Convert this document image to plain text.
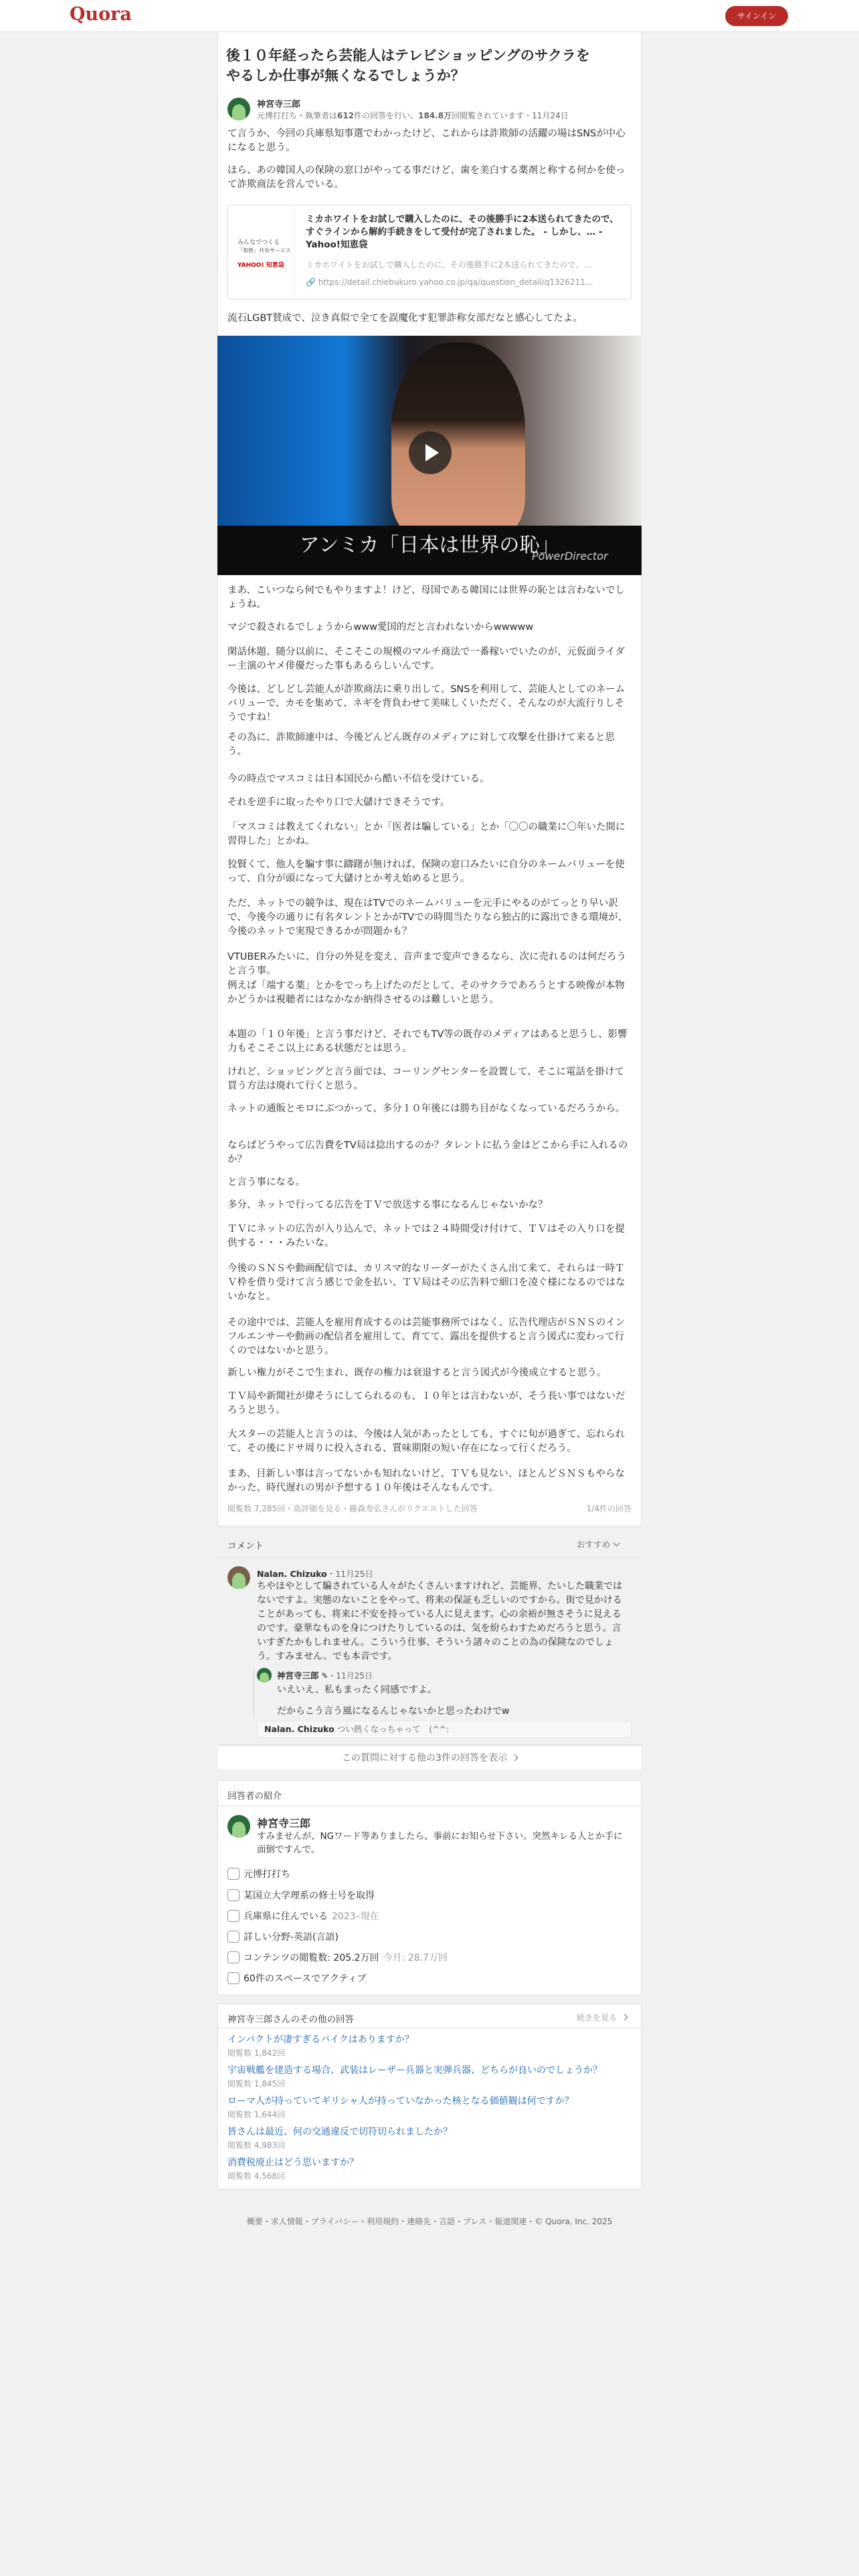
Quora	サインイン
後１０年経ったら芸能人はテレビショッピングのサクラをやるしか仕事が無くなるでしょうか？
神宮寺三郎
元博打打ち・執筆者は612件の回答を行い、184.8万回閲覧されています・11月24日
て言うか、今回の兵庫県知事選でわかったけど、これからは詐欺師の活躍の場はSNSが中心になると思う。
ほら、あの韓国人の保険の窓口がやってる事だけど、歯を美白する薬剤と称する何かを使って詐欺商法を営んでいる。
みんなでつくる
「知恵」共有サービス
YAHOO! 知恵袋
ミカホワイトをお試しで購入したのに、その後勝手に2本送られてきたので、すぐラインから解約手続きをして受付が完了されました。 - しかし、… - Yahoo!知恵袋
ミカホワイトをお試しで購入したのに、その後勝手に2本送られてきたので、…
🔗 https://detail.chiebukuro.yahoo.co.jp/qa/question_detail/q1326211...
流石LGBT賛成で、泣き真似で全てを誤魔化す犯罪詐称女部だなと感心してたよ。
アンミカ「日本は世界の恥」
PowerDirector
まあ、こいつなら何でもやりますよ！けど、母国である韓国には世界の恥とは言わないでしょうね。
マジで殺されるでしょうからwww愛国的だと言われないからwwwww
閑話休題、随分以前に、そこそこの規模のマルチ商法で一番稼いでいたのが、元仮面ライダー主演のヤメ俳優だった事もあるらしいんです。
今後は、どしどし芸能人が詐欺商法に乗り出して、SNSを利用して、芸能人としてのネームバリューで、カモを集めて、ネギを背負わせて美味しくいただく、そんなのが大流行りしそうですね！
その為に、詐欺師連中は、今後どんどん既存のメディアに対して攻撃を仕掛けて来ると思う。
今の時点でマスコミは日本国民から酷い不信を受けている。
それを逆手に取ったやり口で大儲けできそうです。
「マスコミは教えてくれない」とか「医者は騙している」とか「〇〇の職業に〇年いた間に習得した」とかね。
狡賢くて、他人を騙す事に躊躇が無ければ、保険の窓口みたいに自分のネームバリューを使って、自分が頭になって大儲けとか考え始めると思う。
ただ、ネットでの競争は、現在はTVでのネームバリューを元手にやるのがてっとり早い訳で、今後今の通りに有名タレントとかがTVでの時間当たりなら独占的に露出できる環境が、今後のネットで実現できるかが問題かも？
VTUBERみたいに、自分の外見を変え、音声まで変声できるなら、次に売れるのは何だろうと言う事。
例えば「端する薬」とかをでっち上げたのだとして、そのサクラであろうとする映像が本物かどうかは視聴者にはなかなか納得させるのは難しいと思う。
本題の「１０年後」と言う事だけど、それでもTV等の既存のメディアはあると思うし、影響力もそこそこ以上にある状態だとは思う。
けれど、ショッピングと言う面では、コーリングセンターを設置して、そこに電話を掛けて買う方法は廃れて行くと思う。
ネットの通販とモロにぶつかって、多分１０年後には勝ち目がなくなっているだろうから。
ならばどうやって広告費をTV局は捻出するのか？タレントに払う金はどこから手に入れるのか？
と言う事になる。
多分、ネットで行ってる広告をＴＶで放送する事になるんじゃないかな？
ＴＶにネットの広告が入り込んで、ネットでは２４時間受け付けて、ＴＶはその入り口を提供する・・・みたいな。
今後のＳＮＳや動画配信では、カリスマ的なリーダーがたくさん出て来て、それらは一時ＴＶ枠を借り受けて言う感じで金を払い、ＴＶ局はその広告料で細口を凌ぐ様になるのではないかなと。
その途中では、芸能人を雇用育成するのは芸能事務所ではなく、広告代理店がＳＮＳのインフルエンサーや動画の配信者を雇用して、育てて、露出を提供すると言う図式に変わって行くのではないかと思う。
新しい権力がそこで生まれ、既存の権力は衰退すると言う図式が今後成立すると思う。
ＴＶ局や新聞社が偉そうにしてられるのも、１０年とは言わないが、そう長い事ではないだろうと思う。
大スターの芸能人と言うのは、今後は人気があったとしても、すぐに旬が過ぎて、忘れられて、その後にドサ周りに投入される、質味期限の短い存在になって行くだろう。
まあ、目新しい事は言ってないかも知れないけど、ＴＶも見ない、ほとんどＳＮＳもやらなかった、時代遅れの男が予想する１０年後はそんなもんです。
閲覧数 7,285回・高評価を見る・藤森寿弘さんがリクエストした回答	1/4件の回答
コメント	おすすめ
Nalan. Chizuko・11月25日
ちやほやとして騙されている人々がたくさんいますけれど、芸能界、たいした職業ではないですよ。実態のないことをやって、将来の保証も乏しいのですから。街で見かけることがあっても、将来に不安を持っている人に見えます。心の余裕が無さそうに見えるのです。豪華なものを身につけたりしているのは、気を紛らわすためだろうと思う。言いすぎたかもしれません。こういう仕事、そういう諸々のことの為の保険なのでしょう。すみません。でも本音です。
神宮寺三郎 ✎・11月25日
いえいえ、私もまったく同感ですよ。
だからこう言う風になるんじゃないかと思ったわけでw
Nalan. Chizuko つい熱くなっちゃって　(^^:
この質問に対する他の3件の回答を表示
回答者の紹介
神宮寺三郎
すみませんが、NGワード等ありましたら、事前にお知らせ下さい。突然キレる人とか手に面倒ですんで。
元博打打ち
某国立大学理系の修士号を取得
兵庫県に住んでいる 2023–現在
詳しい分野-英語(言語)
コンテンツの閲覧数: 205.2万回 今月: 28.7万回
60件のスペースでアクティブ
神宮寺三郎さんのその他の回答	続きを見る
インパクトが凄すぎるバイクはありますか？
閲覧数 1,842回
宇宙戦艦を建造する場合、武装はレーザー兵器と実弾兵器、どちらが良いのでしょうか？
閲覧数 1,845回
ローマ人が持っていてギリシャ人が持っていなかった核となる価値観は何ですか？
閲覧数 1,644回
皆さんは最近、何の交通違反で切符切られましたか？
閲覧数 4,983回
消費税廃止はどう思いますか？
閲覧数 4,568回
概要・求人情報・プライバシー・利用規約・連絡先・言語・プレス・報道関連・© Quora, Inc. 2025
